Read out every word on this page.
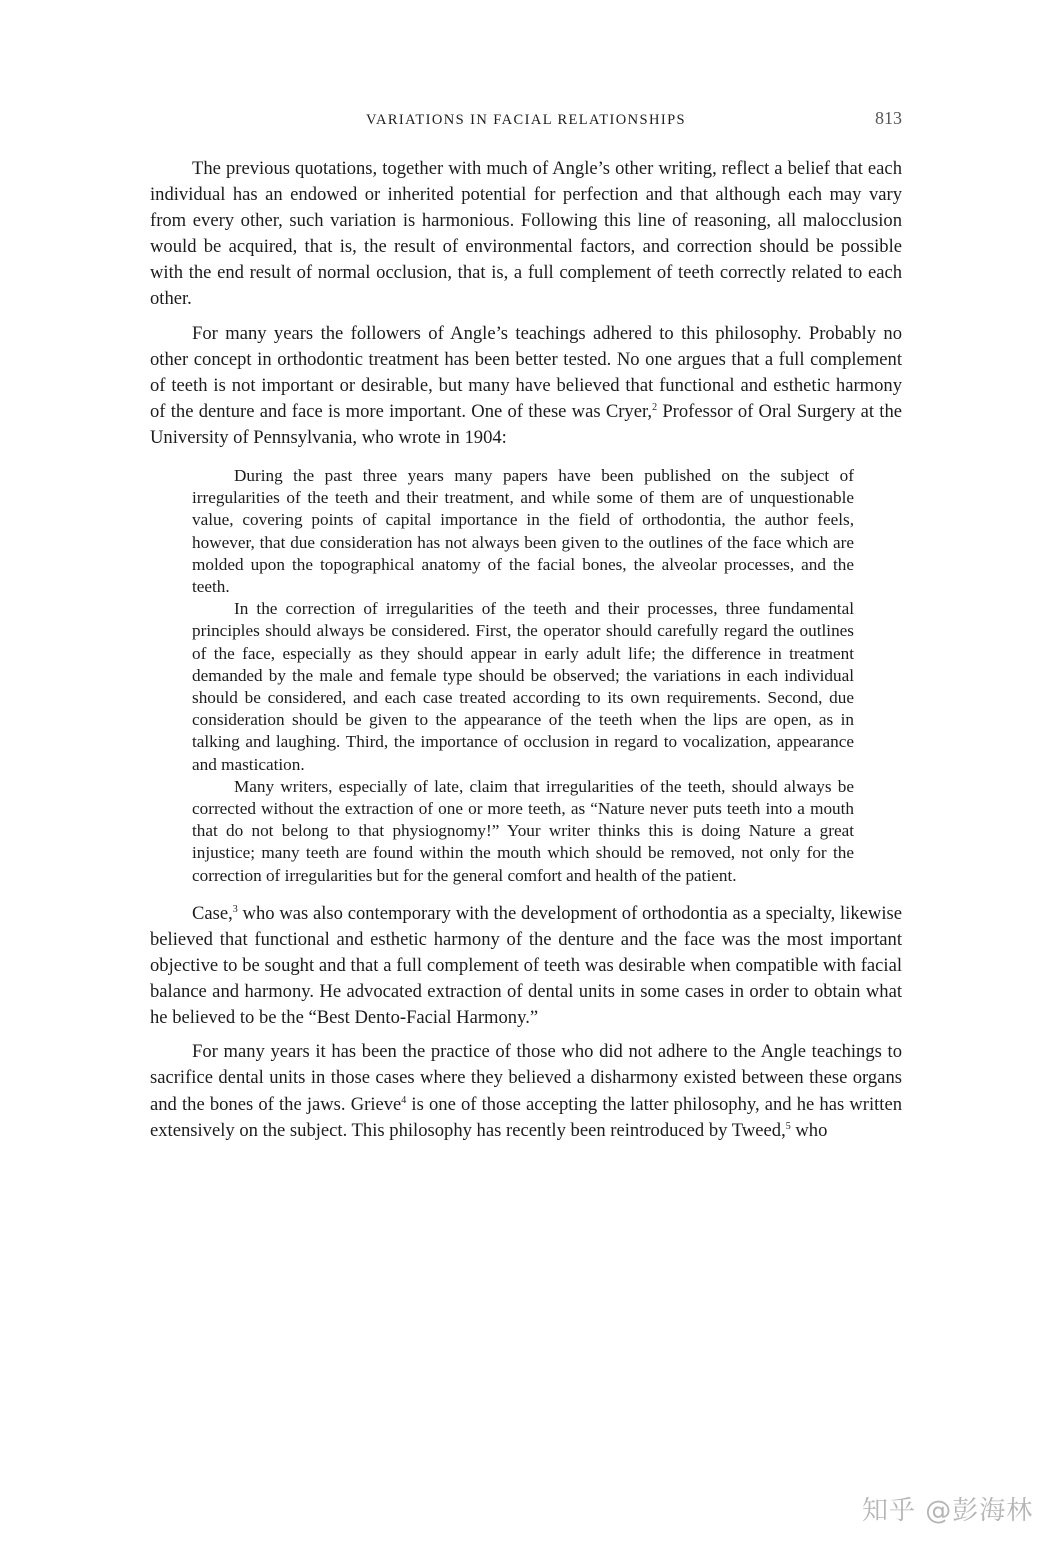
VARIATIONS IN FACIAL RELATIONSHIPS	813

The previous quotations, together with much of Angle’s other writing, reflect a belief that each individual has an endowed or inherited potential for perfection and that although each may vary from every other, such variation is harmonious. Following this line of reasoning, all malocclusion would be acquired, that is, the result of environmental factors, and correction should be possible with the end result of normal occlusion, that is, a full complement of teeth correctly related to each other.

For many years the followers of Angle’s teachings adhered to this philosophy. Probably no other concept in orthodontic treatment has been better tested. No one argues that a full complement of teeth is not important or desirable, but many have believed that functional and esthetic harmony of the denture and face is more important. One of these was Cryer,$^2$ Professor of Oral Surgery at the University of Pennsylvania, who wrote in 1904:

During the past three years many papers have been published on the subject of irregularities of the teeth and their treatment, and while some of them are of unquestionable value, covering points of capital importance in the field of orthodontia, the author feels, however, that due consideration has not always been given to the outlines of the face which are molded upon the topographical anatomy of the facial bones, the alveolar processes, and the teeth.

In the correction of irregularities of the teeth and their processes, three fundamental principles should always be considered. First, the operator should carefully regard the outlines of the face, especially as they should appear in early adult life; the difference in treatment demanded by the male and female type should be observed; the variations in each individual should be considered, and each case treated according to its own requirements. Second, due consideration should be given to the appearance of the teeth when the lips are open, as in talking and laughing. Third, the importance of occlusion in regard to vocalization, appearance and mastication.

Many writers, especially of late, claim that irregularities of the teeth, should always be corrected without the extraction of one or more teeth, as “Nature never puts teeth into a mouth that do not belong to that physiognomy!” Your writer thinks this is doing Nature a great injustice; many teeth are found within the mouth which should be removed, not only for the correction of irregularities but for the general comfort and health of the patient.

Case,$^3$ who was also contemporary with the development of orthodontia as a specialty, likewise believed that functional and esthetic harmony of the denture and the face was the most important objective to be sought and that a full complement of teeth was desirable when compatible with facial balance and harmony. He advocated extraction of dental units in some cases in order to obtain what he believed to be the “Best Dento-Facial Harmony.”

For many years it has been the practice of those who did not adhere to the Angle teachings to sacrifice dental units in those cases where they believed a disharmony existed between these organs and the bones of the jaws. Grieve$^4$ is one of those accepting the latter philosophy, and he has written extensively on the subject. This philosophy has recently been reintroduced by Tweed,$^5$ who

知乎 @彭海林
